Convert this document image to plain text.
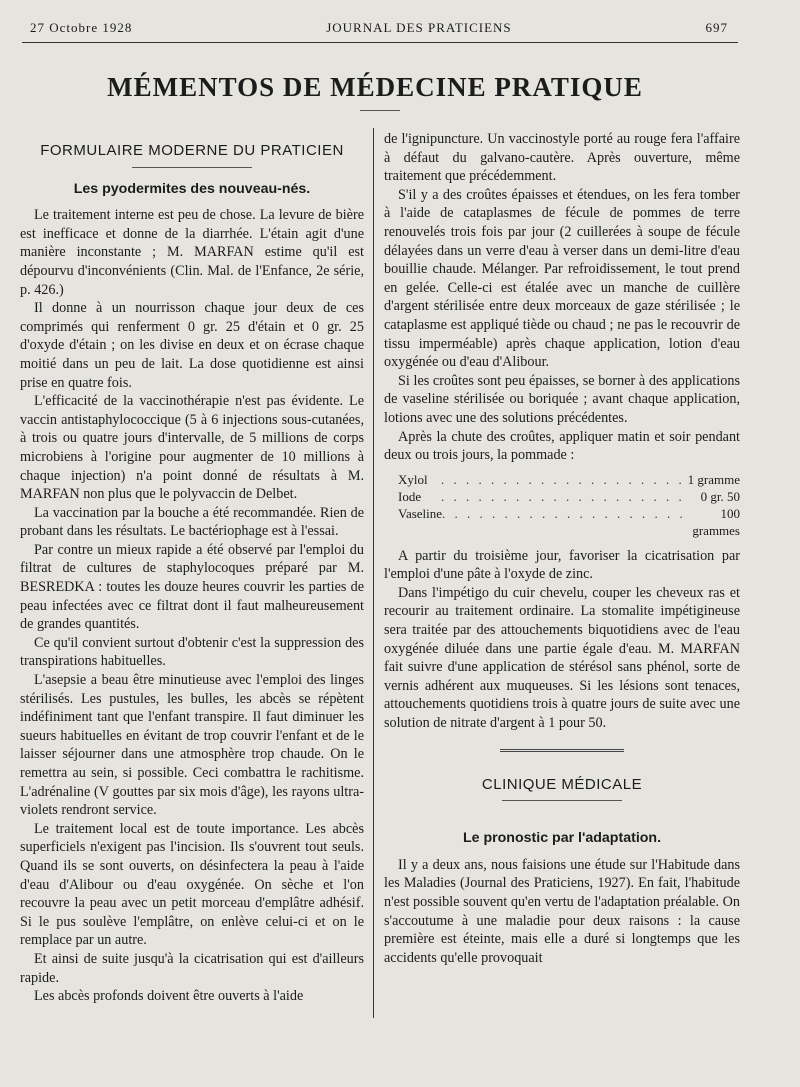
27 Octobre 1928	JOURNAL DES PRATICIENS	697
MÉMENTOS DE MÉDECINE PRATIQUE
FORMULAIRE MODERNE DU PRATICIEN
Les pyodermites des nouveau-nés.

Le traitement interne est peu de chose. La levure de bière est inefficace et donne de la diarrhée. L'étain agit d'une manière inconstante ; M. MARFAN estime qu'il est dépourvu d'inconvénients (Clin. Mal. de l'Enfance, 2e série, p. 426.)

Il donne à un nourrisson chaque jour deux de ces comprimés qui renferment 0 gr. 25 d'étain et 0 gr. 25 d'oxyde d'étain ; on les divise en deux et on écrase chaque moitié dans un peu de lait. La dose quotidienne est ainsi prise en quatre fois.

L'efficacité de la vaccinothérapie n'est pas évidente. Le vaccin antistaphylococcique (5 à 6 injections sous-cutanées, à trois ou quatre jours d'intervalle, de 5 millions de corps microbiens à l'origine pour augmenter de 10 millions à chaque injection) n'a point donné de résultats à M. MARFAN non plus que le polyvaccin de Delbet.

La vaccination par la bouche a été recommandée. Rien de probant dans les résultats. Le bactériophage est à l'essai.

Par contre un mieux rapide a été observé par l'emploi du filtrat de cultures de staphylocoques préparé par M. BESREDKA : toutes les douze heures couvrir les parties de peau infectées avec ce filtrat dont il faut malheureusement de grandes quantités.

Ce qu'il convient surtout d'obtenir c'est la suppression des transpirations habituelles.

L'asepsie a beau être minutieuse avec l'emploi des linges stérilisés. Les pustules, les bulles, les abcès se répètent indéfiniment tant que l'enfant transpire. Il faut diminuer les sueurs habituelles en évitant de trop couvrir l'enfant et de le laisser séjourner dans une atmosphère trop chaude. On le remettra au sein, si possible. Ceci combattra le rachitisme. L'adrénaline (V gouttes par six mois d'âge), les rayons ultra-violets rendront service.

Le traitement local est de toute importance. Les abcès superficiels n'exigent pas l'incision. Ils s'ouvrent tout seuls. Quand ils se sont ouverts, on désinfectera la peau à l'aide d'eau d'Alibour ou d'eau oxygénée. On sèche et l'on recouvre la peau avec un petit morceau d'emplâtre adhésif. Si le pus soulève l'emplâtre, on enlève celui-ci et on le remplace par un autre.

Et ainsi de suite jusqu'à la cicatrisation qui est d'ailleurs rapide.

Les abcès profonds doivent être ouverts à l'aide

de l'ignipuncture. Un vaccinostyle porté au rouge fera l'affaire à défaut du galvano-cautère. Après ouverture, même traitement que précédemment.

S'il y a des croûtes épaisses et étendues, on les fera tomber à l'aide de cataplasmes de fécule de pommes de terre renouvelés trois fois par jour (2 cuillerées à soupe de fécule délayées dans un verre d'eau à verser dans un demi-litre d'eau bouillie chaude. Mélanger. Par refroidissement, le tout prend en gelée. Celle-ci est étalée avec un manche de cuillère d'argent stérilisée entre deux morceaux de gaze stérilisée ; le cataplasme est appliqué tiède ou chaud ; ne pas le recouvrir de tissu imperméable) après chaque application, lotion d'eau oxygénée ou d'eau d'Alibour.

Si les croûtes sont peu épaisses, se borner à des applications de vaseline stérilisée ou boriquée ; avant chaque application, lotions avec une des solutions précédentes.

Après la chute des croûtes, appliquer matin et soir pendant deux ou trois jours, la pommade :

Xylol	. . . . . . . . . . . . . . . . . . . . 1 gramme
Iode	. . . . . . . . . . . . . . . . . . . .	0 gr. 50
Vaseline . . . . . . . . . . . . . . . . . . . .	100 grammes

A partir du troisième jour, favoriser la cicatrisation par l'emploi d'une pâte à l'oxyde de zinc.

Dans l'impétigo du cuir chevelu, couper les cheveux ras et recourir au traitement ordinaire. La stomalite impétigineuse sera traitée par des attouchements biquotidiens avec de l'eau oxygénée diluée dans une partie égale d'eau. M. MARFAN fait suivre d'une application de stérésol sans phénol, sorte de vernis adhérent aux muqueuses. Si les lésions sont tenaces, attouchements quotidiens trois à quatre jours de suite avec une solution de nitrate d'argent à 1 pour 50.

CLINIQUE MÉDICALE
Le pronostic par l'adaptation.

Il y a deux ans, nous faisions une étude sur l'Habitude dans les Maladies (Journal des Praticiens, 1927). En fait, l'habitude n'est possible souvent qu'en vertu de l'adaptation préalable. On s'accoutume à une maladie pour deux raisons : la cause première est éteinte, mais elle a duré si longtemps que les accidents qu'elle provoquait
